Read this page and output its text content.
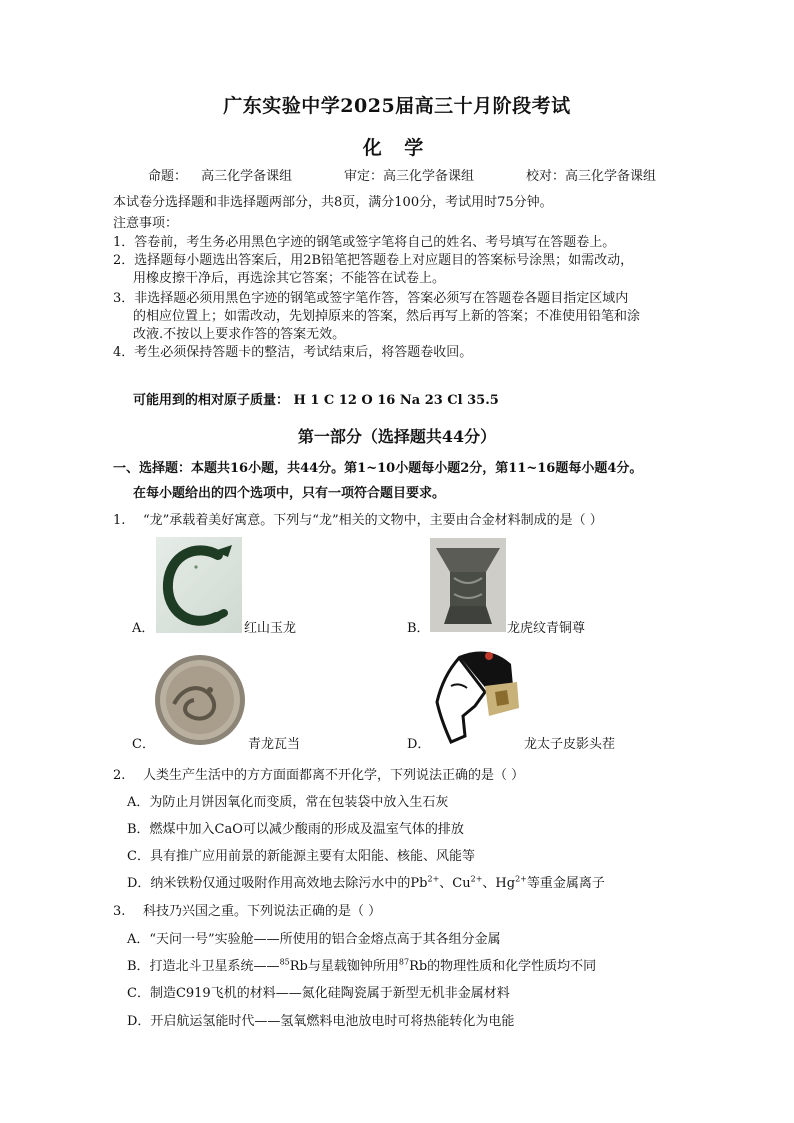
广东实验中学2025届高三十月阶段考试
化 学
命题： 高三化学备课组	审定：高三化学备课组	校对：高三化学备课组
本试卷分选择题和非选择题两部分，共8页，满分100分，考试用时75分钟。
注意事项：
1．答卷前，考生务必用黑色字迹的钢笔或签字笔将自己的姓名、考号填写在答题卷上。
2．选择题每小题选出答案后，用2B铅笔把答题卷上对应题目的答案标号涂黑；如需改动，
用橡皮擦干净后，再选涂其它答案；不能答在试卷上。
3．非选择题必须用黑色字迹的钢笔或签字笔作答，答案必须写在答题卷各题目指定区域内
的相应位置上；如需改动，先划掉原来的答案，然后再写上新的答案；不准使用铅笔和涂
改液.不按以上要求作答的答案无效。
4．考生必须保持答题卡的整洁，考试结束后，将答题卷收回。
可能用到的相对原子质量： H 1 C 12 O 16 Na 23 Cl 35.5
第一部分（选择题共44分）
一、选择题：本题共16小题，共44分。第1~10小题每小题2分，第11~16题每小题4分。
在每小题给出的四个选项中，只有一项符合题目要求。
1. “龙”承载着美好寓意。下列与“龙”相关的文物中，主要由合金材料制成的是（ ）
A．	红山玉龙	B．	龙虎纹青铜尊
C．	青龙瓦当	D．	龙太子皮影头茬
2. 人类生产生活中的方方面面都离不开化学，下列说法正确的是（ ）
A．为防止月饼因氧化而变质，常在包装袋中放入生石灰
B．燃煤中加入CaO可以减少酸雨的形成及温室气体的排放
C．具有推广应用前景的新能源主要有太阳能、核能、风能等
D．纳米铁粉仅通过吸附作用高效地去除污水中的$Pb^{2+}$、$Cu^{2+}$、$Hg^{2+}$等重金属离子
3. 科技乃兴国之重。下列说法正确的是（ ）
A．“天问一号”实验舱——所使用的铝合金熔点高于其各组分金属
B．打造北斗卫星系统——$^{85}$Rb与星载铷钟所用$^{87}$Rb的物理性质和化学性质均不同
C．制造C919飞机的材料——氮化硅陶瓷属于新型无机非金属材料
D．开启航运氢能时代——氢氧燃料电池放电时可将热能转化为电能
